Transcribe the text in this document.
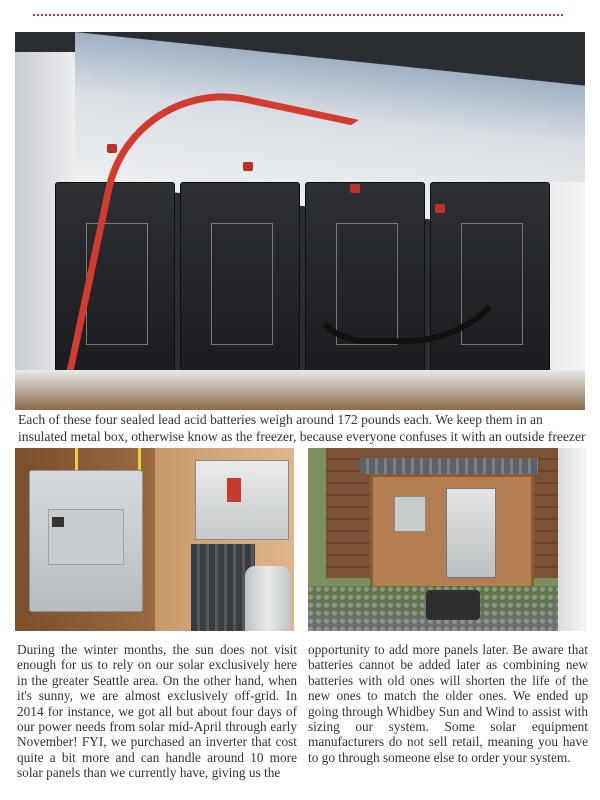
Each of these four sealed lead acid batteries weigh around 172 pounds each. We keep them in an insulated metal box, otherwise know as the freezer, because everyone confuses it with an outside freezer

During the winter months, the sun does not visit enough for us to rely on our solar exclusively here in the greater Seattle area. On the other hand, when it's sunny, we are almost exclusively off-grid. In 2014 for instance, we got all but about four days of our power needs from solar mid-April through early November! FYI, we purchased an inverter that cost quite a bit more and can handle around 10 more solar panels than we currently have, giving us the

opportunity to add more panels later. Be aware that batteries cannot be added later as combining new batteries with old ones will shorten the life of the new ones to match the older ones. We ended up going through Whidbey Sun and Wind to assist with sizing our system. Some solar equipment manufacturers do not sell retail, meaning you have to go through someone else to order your system.
